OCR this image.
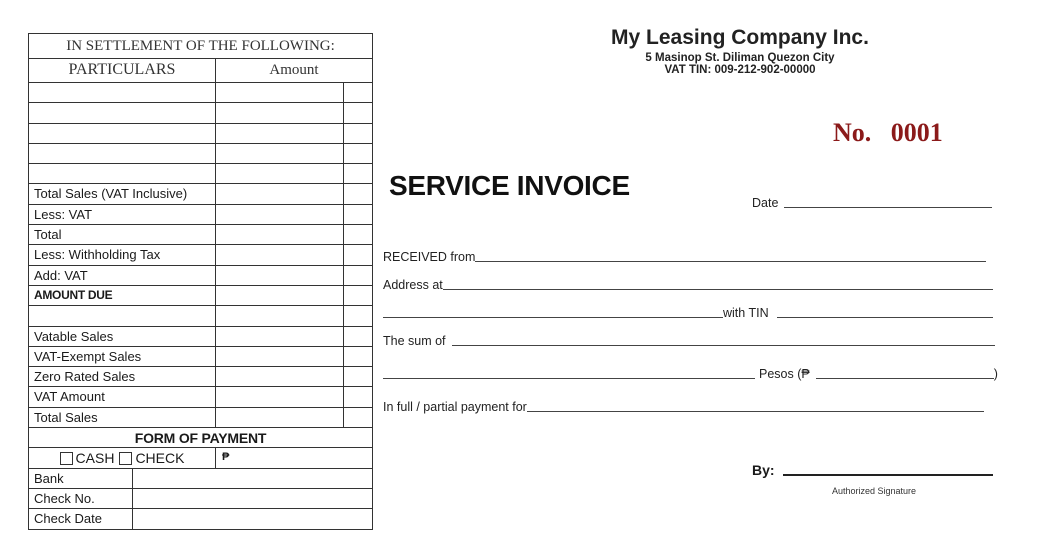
IN SETTLEMENT OF THE FOLLOWING:
PARTICULARS	Amount
Total Sales (VAT Inclusive)
Less: VAT
Total
Less: Withholding Tax
Add: VAT
AMOUNT DUE
Vatable Sales
VAT-Exempt Sales
Zero Rated Sales
VAT Amount
Total Sales
FORM OF PAYMENT
CASH	CHECK	₱
Bank
Check No.
Check Date
My Leasing Company Inc.
5 Masinop St. Diliman Quezon City
VAT TIN: 009-212-902-00000
No.   0001
SERVICE INVOICE
Date
RECEIVED from
Address at
with TIN
The sum of
Pesos (₱	)
In full / partial payment for
By:
Authorized Signature
